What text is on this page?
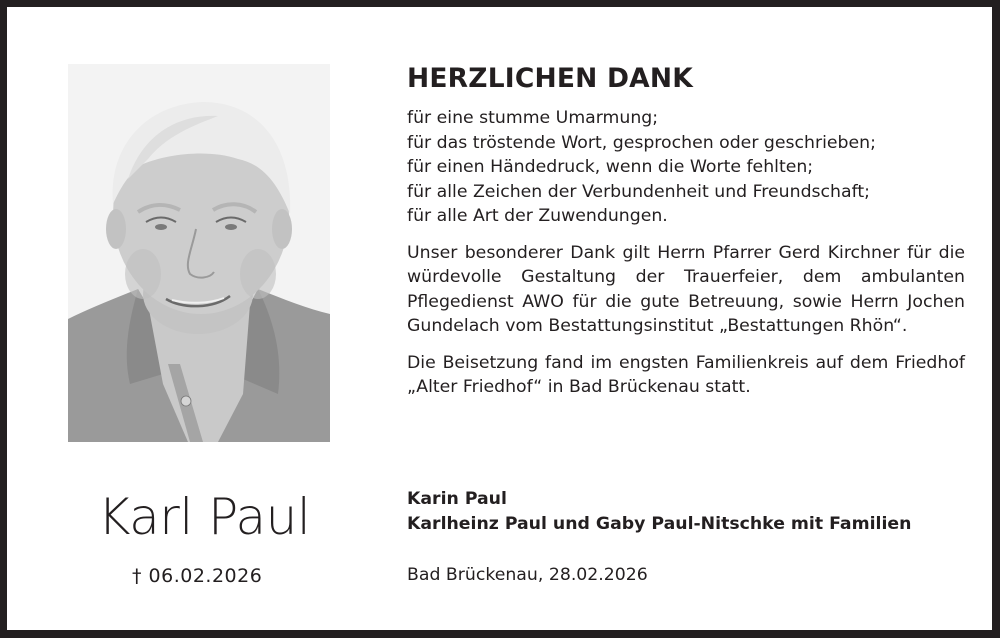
Karl Paul
† 06.02.2026
HERZLICHEN DANK
für eine stumme Umarmung;
für das tröstende Wort, gesprochen oder geschrieben;
für einen Händedruck, wenn die Worte fehlten;
für alle Zeichen der Verbundenheit und Freundschaft;
für alle Art der Zuwendungen.

Unser besonderer Dank gilt Herrn Pfarrer Gerd Kirchner für die würdevolle Gestaltung der Trauerfeier, dem ambulanten Pflegedienst AWO für die gute Betreuung, sowie Herrn Jochen Gundelach vom Bestattungsinstitut „Bestattungen Rhön“.

Die Beisetzung fand im engsten Familienkreis auf dem Friedhof „Alter Friedhof“ in Bad Brückenau statt.

Karin Paul
Karlheinz Paul und Gaby Paul-Nitschke mit Familien
Bad Brückenau, 28.02.2026
